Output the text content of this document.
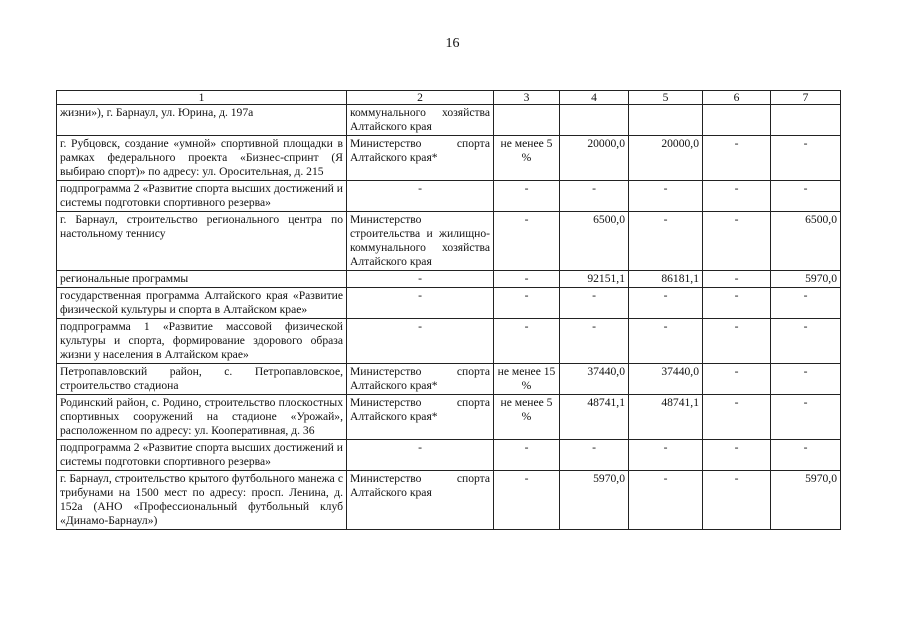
16
1	2	3	4	5	6	7
жизни»), г. Барнаул, ул. Юрина, д. 197а	коммунального хозяйства Алтайского края					
г. Рубцовск, создание «умной» спортивной площадки в рамках федерального проекта «Бизнес-спринт (Я выбираю спорт)» по адресу: ул. Оросительная, д. 215	Министерство спорта Алтайского края*	не менее 5 %	20000,0	20000,0	-	-
подпрограмма 2 «Развитие спорта высших достижений и системы подготовки спортивного резерва»	-	-	-	-	-	-
г. Барнаул, строительство регионального центра по настольному теннису	Министерство строительства и жилищно-коммунального хозяйства Алтайского края	-	6500,0	-	-	6500,0
региональные программы	-	-	92151,1	86181,1	-	5970,0
государственная программа Алтайского края «Развитие физической культуры и спорта в Алтайском крае»	-	-	-	-	-	-
подпрограмма 1 «Развитие массовой физической культуры и спорта, формирование здорового образа жизни у населения в Алтайском крае»	-	-	-	-	-	-
Петропавловский район, с. Петропавловское, строительство стадиона	Министерство спорта Алтайского края*	не менее 15 %	37440,0	37440,0	-	-
Родинский район, с. Родино, строительство плоскостных спортивных сооружений на стадионе «Урожай», расположенном по адресу: ул. Кооперативная, д. 36	Министерство спорта Алтайского края*	не менее 5 %	48741,1	48741,1	-	-
подпрограмма 2 «Развитие спорта высших достижений и системы подготовки спортивного резерва»	-	-	-	-	-	-
г. Барнаул, строительство крытого футбольного манежа с трибунами на 1500 мест по адресу: просп. Ленина, д. 152а (АНО «Профессиональный футбольный клуб «Динамо-Барнаул»)	Министерство спорта Алтайского края	-	5970,0	-	-	5970,0
